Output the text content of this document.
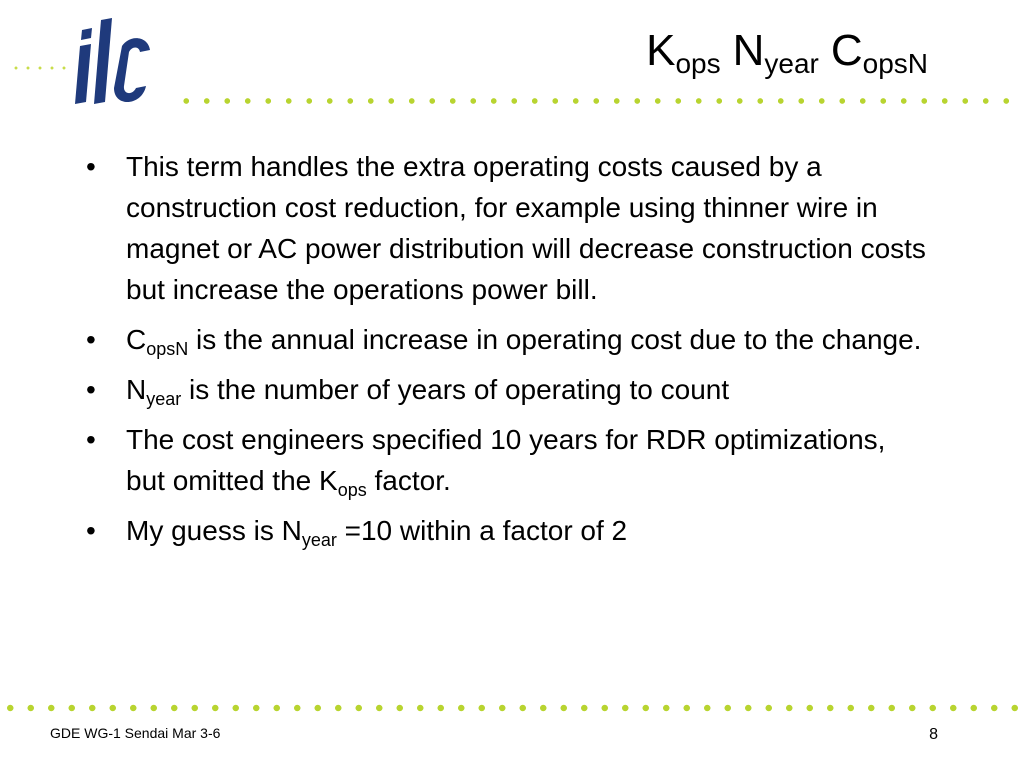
$K_{ops}$ $N_{year}$ $C_{opsN}$
• This term handles the extra operating costs caused by a construction cost reduction, for example using thinner wire in magnet or AC power distribution will decrease construction costs but increase the operations power bill.
• $C_{opsN}$ is the annual increase in operating cost due to the change.
• $N_{year}$ is the number of years of operating to count
• The cost engineers specified 10 years for RDR optimizations, but omitted the $K_{ops}$ factor.
• My guess is $N_{year} =10$ within a factor of 2
GDE WG-1 Sendai Mar 3-6	8
